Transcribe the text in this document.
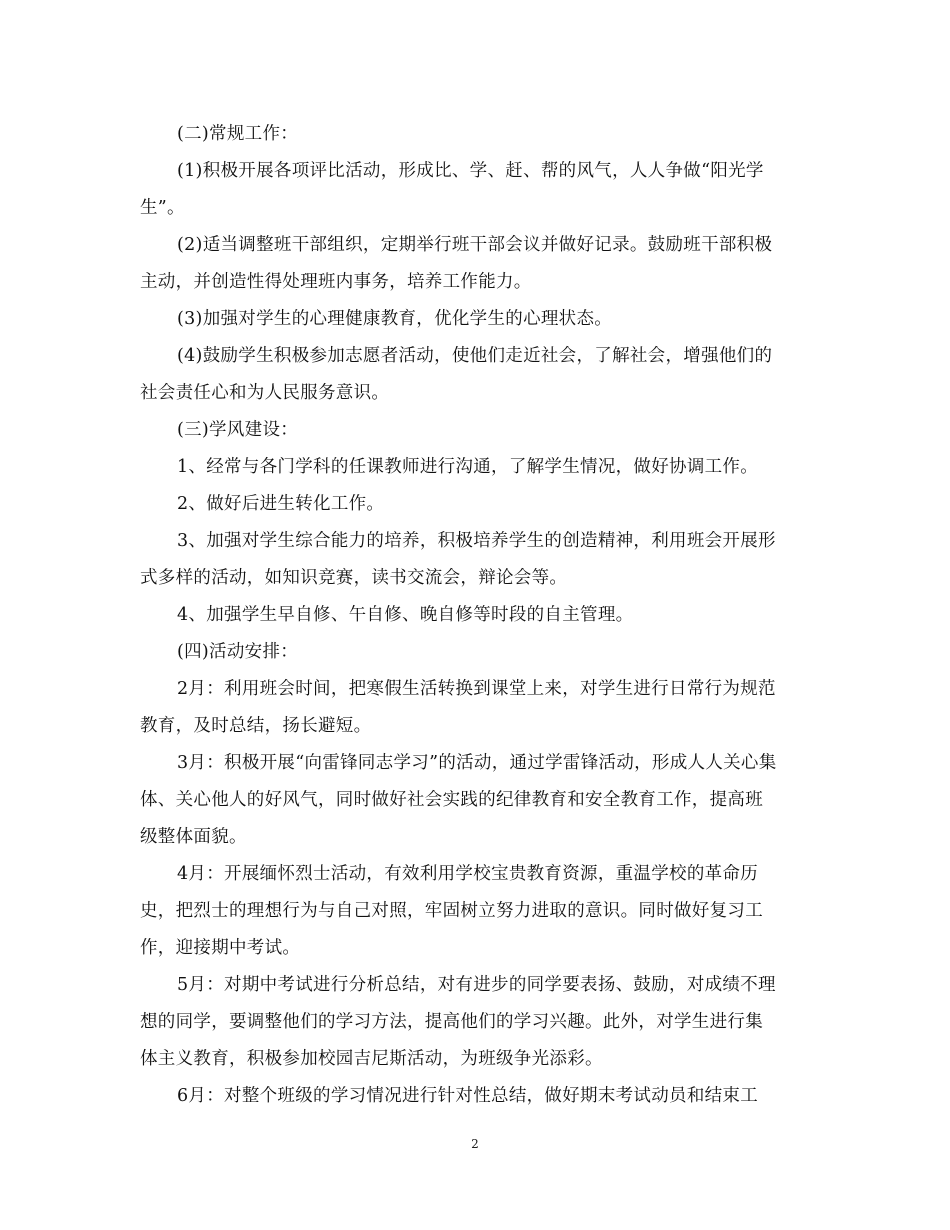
(二)常规工作：

(1)积极开展各项评比活动，形成比、学、赶、帮的风气，人人争做“阳光学
生”。

(2)适当调整班干部组织，定期举行班干部会议并做好记录。鼓励班干部积极
主动，并创造性得处理班内事务，培养工作能力。

(3)加强对学生的心理健康教育，优化学生的心理状态。

(4)鼓励学生积极参加志愿者活动，使他们走近社会，了解社会，增强他们的
社会责任心和为人民服务意识。

(三)学风建设：

1、经常与各门学科的任课教师进行沟通，了解学生情况，做好协调工作。

2、做好后进生转化工作。

3、加强对学生综合能力的培养，积极培养学生的创造精神，利用班会开展形
式多样的活动，如知识竞赛，读书交流会，辩论会等。

4、加强学生早自修、午自修、晚自修等时段的自主管理。

(四)活动安排：

2月：利用班会时间，把寒假生活转换到课堂上来，对学生进行日常行为规范
教育，及时总结，扬长避短。

3月：积极开展“向雷锋同志学习”的活动，通过学雷锋活动，形成人人关心集
体、关心他人的好风气，同时做好社会实践的纪律教育和安全教育工作，提高班
级整体面貌。

4月：开展缅怀烈士活动，有效利用学校宝贵教育资源，重温学校的革命历
史，把烈士的理想行为与自己对照，牢固树立努力进取的意识。同时做好复习工
作，迎接期中考试。

5月：对期中考试进行分析总结，对有进步的同学要表扬、鼓励，对成绩不理
想的同学，要调整他们的学习方法，提高他们的学习兴趣。此外，对学生进行集
体主义教育，积极参加校园吉尼斯活动，为班级争光添彩。

6月：对整个班级的学习情况进行针对性总结，做好期末考试动员和结束工

2
